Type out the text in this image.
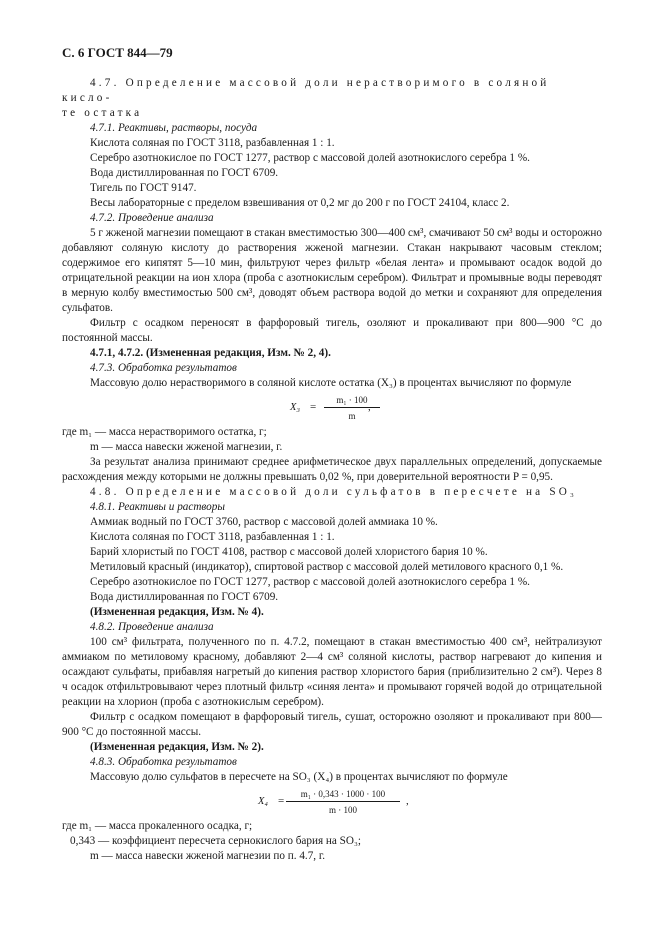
С. 6 ГОСТ 844—79

4.7. Определение массовой доли нерастворимого в соляной кисло-

те остатка

4.7.1. Реактивы, растворы, посуда

Кислота соляная по ГОСТ 3118, разбавленная 1 : 1.

Серебро азотнокислое по ГОСТ 1277, раствор с массовой долей азотнокислого серебра 1 %.

Вода дистиллированная по ГОСТ 6709.

Тигель по ГОСТ 9147.

Весы лабораторные с пределом взвешивания от 0,2 мг до 200 г по ГОСТ 24104, класс 2.

4.7.2. Проведение анализа

5 г жженой магнезии помещают в стакан вместимостью 300—400 см³, смачивают 50 см³ воды и осторожно добавляют соляную кислоту до растворения жженой магнезии. Стакан накрывают часовым стеклом; содержимое его кипятят 5—10 мин, фильтруют через фильтр «белая лента» и промывают осадок водой до отрицательной реакции на ион хлора (проба с азотнокислым серебром). Фильтрат и промывные воды переводят в мерную колбу вместимостью 500 см³, доводят объем раствора водой до метки и сохраняют для определения сульфатов.

Фильтр с осадком переносят в фарфоровый тигель, озоляют и прокаливают при 800—900 °С до постоянной массы.

4.7.1, 4.7.2. (Измененная редакция, Изм. № 2, 4).

4.7.3. Обработка результатов

Массовую долю нерастворимого в соляной кислоте остатка (X₃) в процентах вычисляют по формуле

X₃ =
m₁ · 100
m
,

где m₁ — масса нерастворимого остатка, г;

m — масса навески жженой магнезии, г.

За результат анализа принимают среднее арифметическое двух параллельных определений, допускаемые расхождения между которыми не должны превышать 0,02 %, при доверительной вероятности P = 0,95.

4.8. Определение массовой доли сульфатов в пересчете на SO₃

4.8.1. Реактивы и растворы

Аммиак водный по ГОСТ 3760, раствор с массовой долей аммиака 10 %.

Кислота соляная по ГОСТ 3118, разбавленная 1 : 1.

Барий хлористый по ГОСТ 4108, раствор с массовой долей хлористого бария 10 %.

Метиловый красный (индикатор), спиртовой раствор с массовой долей метилового красного 0,1 %.

Серебро азотнокислое по ГОСТ 1277, раствор с массовой долей азотнокислого серебра 1 %.

Вода дистиллированная по ГОСТ 6709.

(Измененная редакция, Изм. № 4).

4.8.2. Проведение анализа

100 см³ фильтрата, полученного по п. 4.7.2, помещают в стакан вместимостью 400 см³, нейтрализуют аммиаком по метиловому красному, добавляют 2—4 см³ соляной кислоты, раствор нагревают до кипения и осаждают сульфаты, прибавляя нагретый до кипения раствор хлористого бария (приблизительно 2 см³). Через 8 ч осадок отфильтровывают через плотный фильтр «синяя лента» и промывают горячей водой до отрицательной реакции на хлорион (проба с азотнокислым серебром).

Фильтр с осадком помещают в фарфоровый тигель, сушат, осторожно озоляют и прокаливают при 800—900 °С до постоянной массы.

(Измененная редакция, Изм. № 2).

4.8.3. Обработка результатов

Массовую долю сульфатов в пересчете на SO₃ (X₄) в процентах вычисляют по формуле

X₄ =
m₁ · 0,343 · 1000 · 100
m · 100
,

где m₁ — масса прокаленного осадка, г;

0,343 — коэффициент пересчета сернокислого бария на SO₃;

m — масса навески жженой магнезии по п. 4.7, г.
